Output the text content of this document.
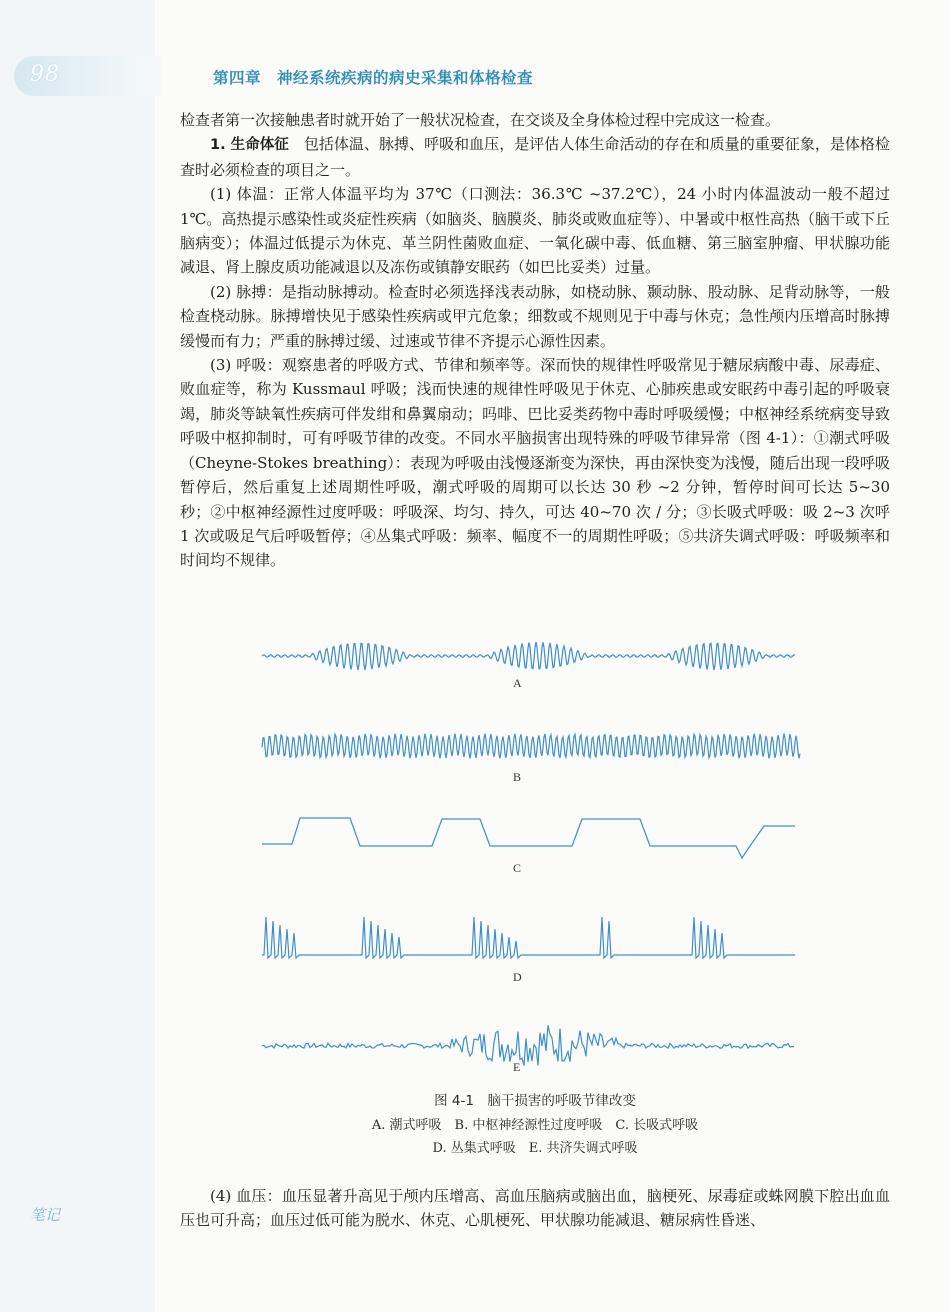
98	第四章　神经系统疾病的病史采集和体格检查
笔记

检查者第一次接触患者时就开始了一般状况检查，在交谈及全身体检过程中完成这一检查。

1. 生命体征　 包括体温、脉搏、呼吸和血压，是评估人体生命活动的存在和质量的重要征象，是体格检查时必须检查的项目之一。

(1) 体温：正常人体温平均为 37℃（口测法：36.3℃ ~37.2℃），24 小时内体温波动一般不超过 1℃。高热提示感染性或炎症性疾病（如脑炎、脑膜炎、肺炎或败血症等）、中暑或中枢性高热（脑干或下丘脑病变）；体温过低提示为休克、革兰阴性菌败血症、一氧化碳中毒、低血糖、第三脑室肿瘤、甲状腺功能减退、肾上腺皮质功能减退以及冻伤或镇静安眠药（如巴比妥类）过量。

(2) 脉搏：是指动脉搏动。检查时必须选择浅表动脉，如桡动脉、颞动脉、股动脉、足背动脉等，一般检查桡动脉。脉搏增快见于感染性疾病或甲亢危象；细数或不规则见于中毒与休克；急性颅内压增高时脉搏缓慢而有力；严重的脉搏过缓、过速或节律不齐提示心源性因素。

(3) 呼吸：观察患者的呼吸方式、节律和频率等。深而快的规律性呼吸常见于糖尿病酸中毒、尿毒症、败血症等，称为 Kussmaul 呼吸；浅而快速的规律性呼吸见于休克、心肺疾患或安眠药中毒引起的呼吸衰竭，肺炎等缺氧性疾病可伴发绀和鼻翼扇动；吗啡、巴比妥类药物中毒时呼吸缓慢；中枢神经系统病变导致呼吸中枢抑制时，可有呼吸节律的改变。不同水平脑损害出现特殊的呼吸节律异常（图 4-1）：①潮式呼吸（Cheyne-Stokes breathing）：表现为呼吸由浅慢逐渐变为深快，再由深快变为浅慢，随后出现一段呼吸暂停后，然后重复上述周期性呼吸，潮式呼吸的周期可以长达 30 秒 ~2 分钟，暂停时间可长达 5~30 秒；②中枢神经源性过度呼吸：呼吸深、均匀、持久，可达 40~70 次 / 分；③长吸式呼吸：吸 2~3 次呼 1 次或吸足气后呼吸暂停；④丛集式呼吸：频率、幅度不一的周期性呼吸；⑤共济失调式呼吸：呼吸频率和时间均不规律。

A
B
C
D
E
图 4-1　脑干损害的呼吸节律改变
A. 潮式呼吸　B. 中枢神经源性过度呼吸　C. 长吸式呼吸
D. 丛集式呼吸　E. 共济失调式呼吸

(4) 血压：血压显著升高见于颅内压增高、高血压脑病或脑出血，脑梗死、尿毒症或蛛网膜下腔出血血压也可升高；血压过低可能为脱水、休克、心肌梗死、甲状腺功能减退、糖尿病性昏迷、
